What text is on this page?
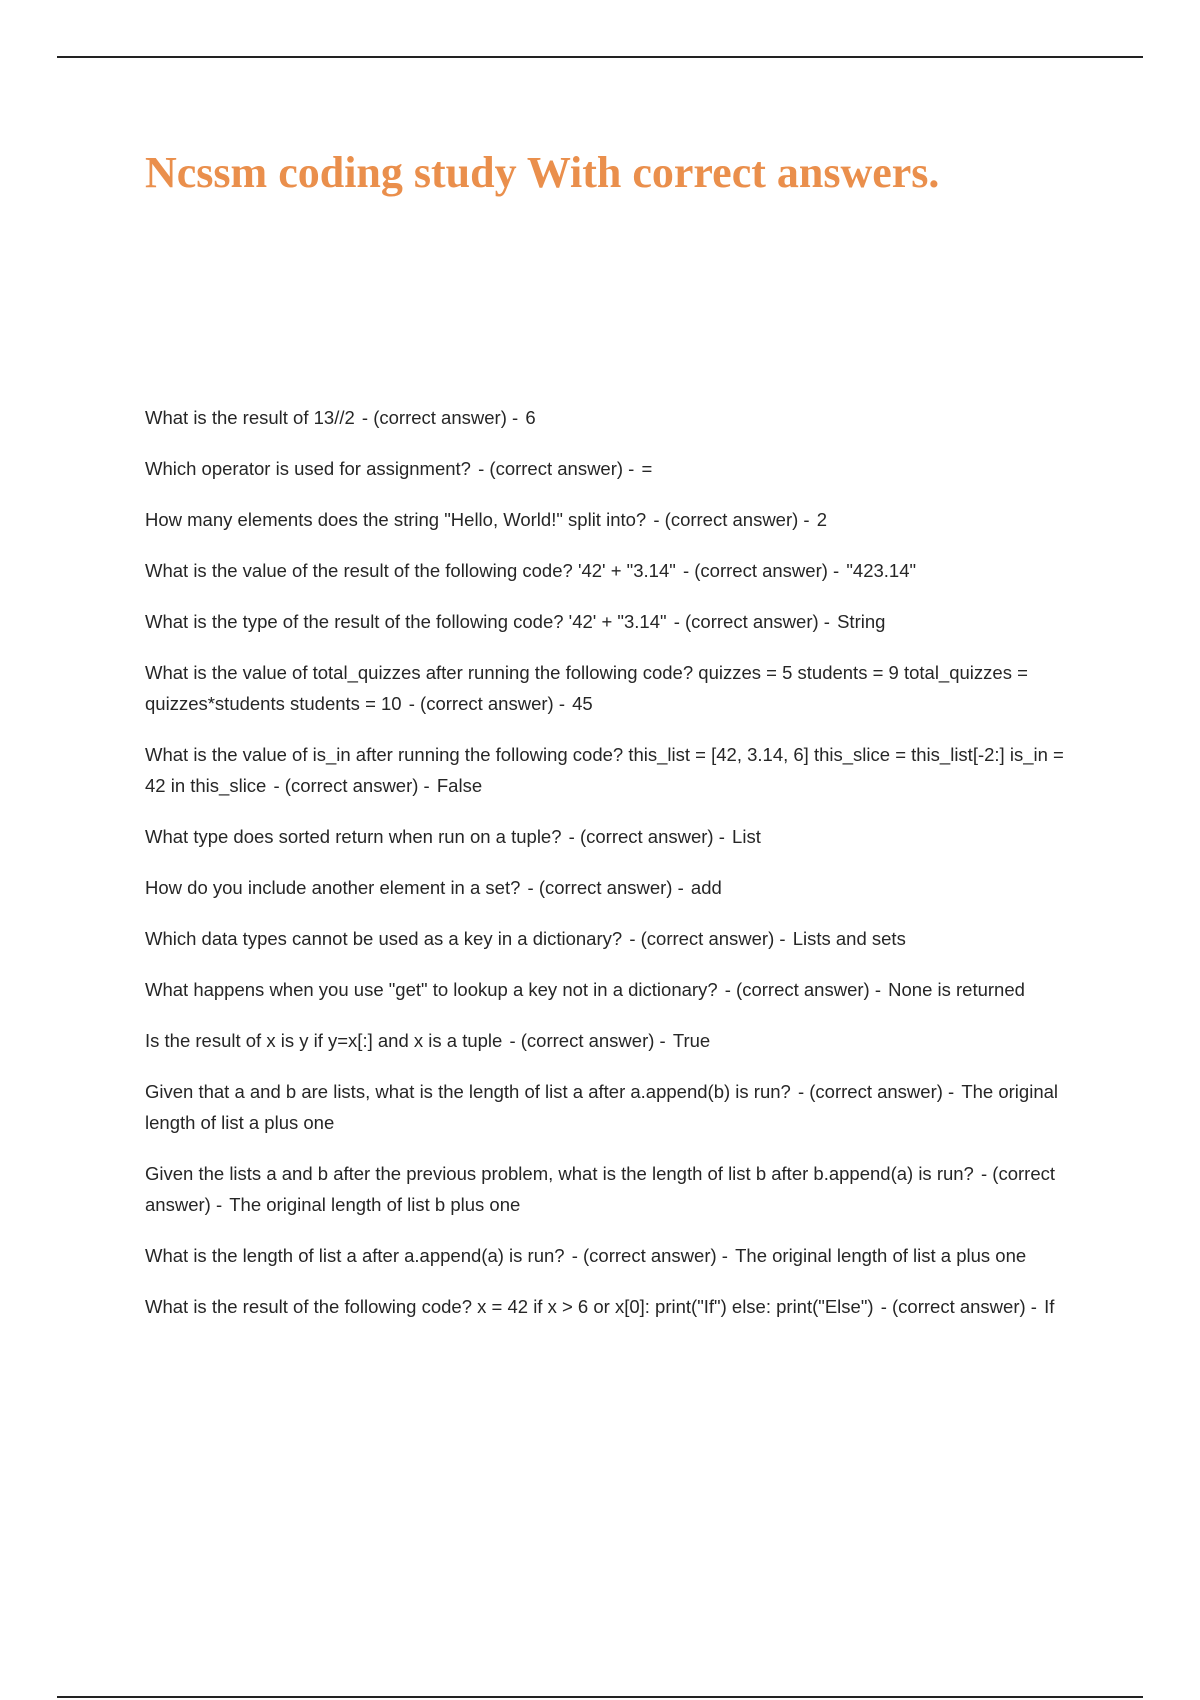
Ncssm coding study With correct answers.
What is the result of 13//2 - (correct answer) - 6
Which operator is used for assignment? - (correct answer) - =
How many elements does the string "Hello, World!" split into? - (correct answer) - 2
What is the value of the result of the following code? '42' + "3.14" - (correct answer) - "423.14"
What is the type of the result of the following code? '42' + "3.14" - (correct answer) - String
What is the value of total_quizzes after running the following code? quizzes = 5 students = 9 total_quizzes = quizzes*students students = 10 - (correct answer) - 45
What is the value of is_in after running the following code? this_list = [42, 3.14, 6] this_slice = this_list[-2:] is_in = 42 in this_slice - (correct answer) - False
What type does sorted return when run on a tuple? - (correct answer) - List
How do you include another element in a set? - (correct answer) - add
Which data types cannot be used as a key in a dictionary? - (correct answer) - Lists and sets
What happens when you use "get" to lookup a key not in a dictionary? - (correct answer) - None is returned
Is the result of x is y if y=x[:] and x is a tuple - (correct answer) - True
Given that a and b are lists, what is the length of list a after a.append(b) is run? - (correct answer) - The original length of list a plus one
Given the lists a and b after the previous problem, what is the length of list b after b.append(a) is run? - (correct answer) - The original length of list b plus one
What is the length of list a after a.append(a) is run? - (correct answer) - The original length of list a plus one
What is the result of the following code? x = 42 if x > 6 or x[0]: print("If") else: print("Else") - (correct answer) - If
